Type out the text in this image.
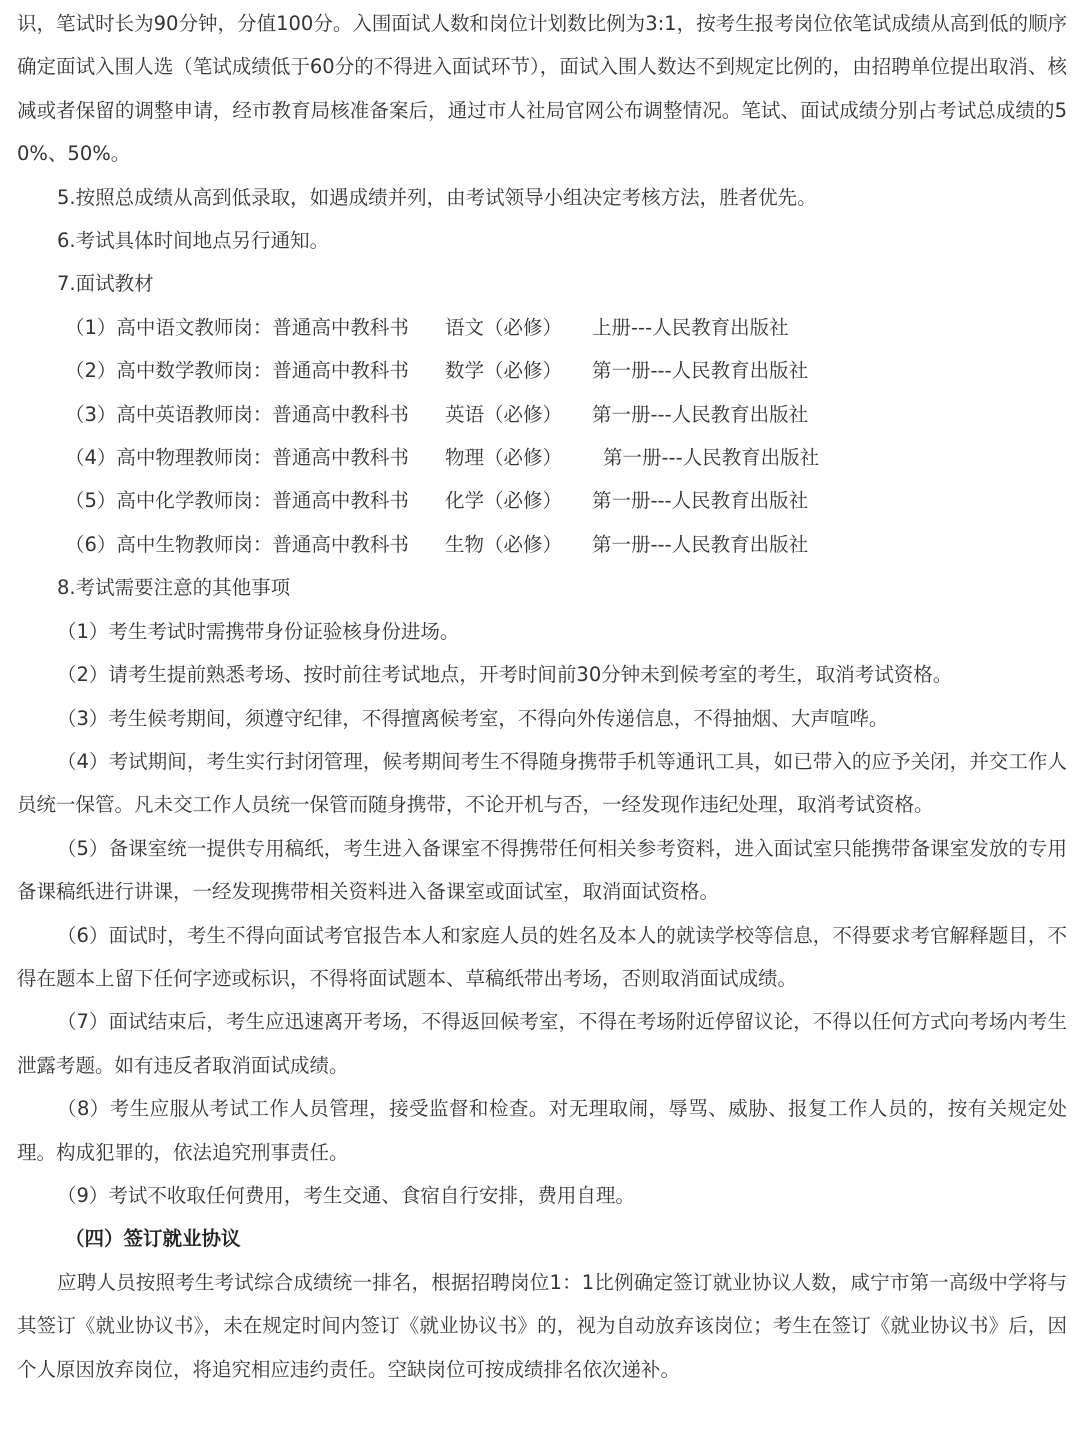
识，笔试时长为90分钟，分值100分。入围面试人数和岗位计划数比例为3:1，按考生报考岗位依笔试成绩从高到低的顺序确定面试入围人选（笔试成绩低于60分的不得进入面试环节），面试入围人数达不到规定比例的，由招聘单位提出取消、核减或者保留的调整申请，经市教育局核准备案后，通过市人社局官网公布调整情况。笔试、面试成绩分别占考试总成绩的50%、50%。

5.按照总成绩从高到低录取，如遇成绩并列，由考试领导小组决定考核方法，胜者优先。

6.考试具体时间地点另行通知。

7.面试教材

（1）高中语文教师岗：普通高中教科书 语文（必修） 上册---人民教育出版社

（2）高中数学教师岗：普通高中教科书 数学（必修） 第一册---人民教育出版社

（3）高中英语教师岗：普通高中教科书 英语（必修） 第一册---人民教育出版社

（4）高中物理教师岗：普通高中教科书 物理（必修） 第一册---人民教育出版社

（5）高中化学教师岗：普通高中教科书 化学（必修） 第一册---人民教育出版社

（6）高中生物教师岗：普通高中教科书 生物（必修） 第一册---人民教育出版社

8.考试需要注意的其他事项

（1）考生考试时需携带身份证验核身份进场。

（2）请考生提前熟悉考场、按时前往考试地点，开考时间前30分钟未到候考室的考生，取消考试资格。

（3）考生候考期间，须遵守纪律，不得擅离候考室，不得向外传递信息，不得抽烟、大声喧哗。

（4）考试期间，考生实行封闭管理，候考期间考生不得随身携带手机等通讯工具，如已带入的应予关闭，并交工作人员统一保管。凡未交工作人员统一保管而随身携带，不论开机与否，一经发现作违纪处理，取消考试资格。

（5）备课室统一提供专用稿纸，考生进入备课室不得携带任何相关参考资料，进入面试室只能携带备课室发放的专用备课稿纸进行讲课，一经发现携带相关资料进入备课室或面试室，取消面试资格。

（6）面试时，考生不得向面试考官报告本人和家庭人员的姓名及本人的就读学校等信息，不得要求考官解释题目，不得在题本上留下任何字迹或标识，不得将面试题本、草稿纸带出考场，否则取消面试成绩。

（7）面试结束后，考生应迅速离开考场，不得返回候考室，不得在考场附近停留议论，不得以任何方式向考场内考生泄露考题。如有违反者取消面试成绩。

（8）考生应服从考试工作人员管理，接受监督和检查。对无理取闹，辱骂、威胁、报复工作人员的，按有关规定处理。构成犯罪的，依法追究刑事责任。

（9）考试不收取任何费用，考生交通、食宿自行安排，费用自理。

（四）签订就业协议

应聘人员按照考生考试综合成绩统一排名，根据招聘岗位1：1比例确定签订就业协议人数，咸宁市第一高级中学将与其签订《就业协议书》，未在规定时间内签订《就业协议书》的，视为自动放弃该岗位；考生在签订《就业协议书》后，因个人原因放弃岗位，将追究相应违约责任。空缺岗位可按成绩排名依次递补。
